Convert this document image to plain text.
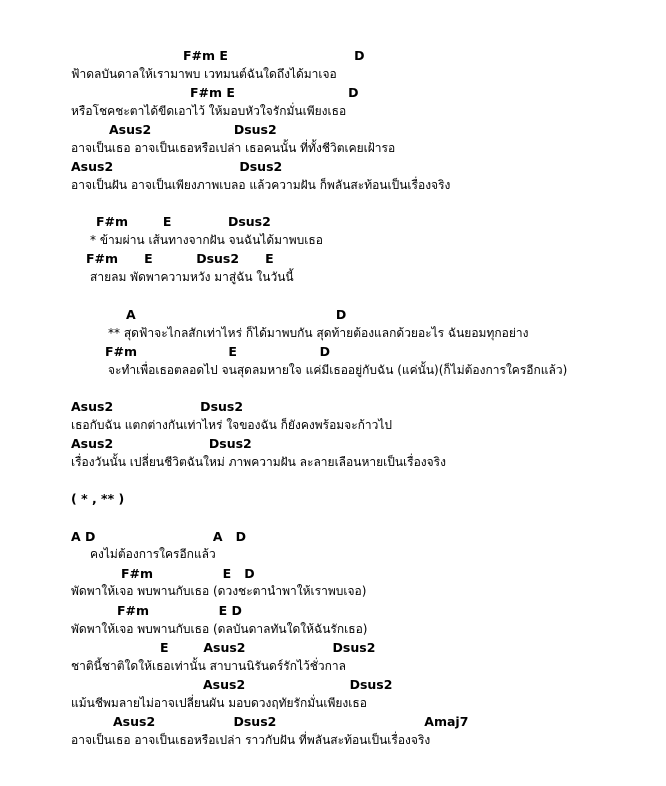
F#m E                             D
ฟ้าดลบันดาลให้เรามาพบ เวทมนต์ฉันใดถึงได้มาเจอ
F#m E                          D
หรือโชคชะตาได้ขีดเอาไว้ ให้มอบหัวใจรักมั่นเพียงเธอ
Asus2                   Dsus2
อาจเป็นเธอ อาจเป็นเธอหรือเปล่า เธอคนนั้น ที่ทั้งชีวิตเคยเฝ้ารอ
Asus2                             Dsus2
อาจเป็นฝัน อาจเป็นเพียงภาพเบลอ แล้วความฝัน ก็พลันสะท้อนเป็นเรื่องจริง
F#m        E             Dsus2
* ข้ามผ่าน เส้นทางจากฝัน จนฉันได้มาพบเธอ
F#m      E          Dsus2      E
สายลม พัดพาความหวัง มาสู่ฉัน ในวันนี้
A                                              D
** สุดฟ้าจะไกลสักเท่าไหร่ ก็ได้มาพบกัน สุดท้ายต้องแลกด้วยอะไร ฉันยอมทุกอย่าง
F#m                     E                   D
จะทำเพื่อเธอตลอดไป จนสุดลมหายใจ แค่มีเธออยู่กับฉัน (แค่นั้น)(ก็ไม่ต้องการใครอีกแล้ว)
Asus2                    Dsus2
เธอกับฉัน แตกต่างกันเท่าไหร่ ใจของฉัน ก็ยังคงพร้อมจะก้าวไป
Asus2                      Dsus2
เรื่องวันนั้น เปลี่ยนชีวิตฉันใหม่ ภาพความฝัน ละลายเลือนหายเป็นเรื่องจริง
( * , ** )
A D                           A   D
คงไม่ต้องการใครอีกแล้ว
F#m                E   D
พัดพาให้เจอ พบพานกับเธอ (ดวงชะตานำพาให้เราพบเจอ)
F#m                E D
พัดพาให้เจอ พบพานกับเธอ (ดลบันดาลทันใดให้ฉันรักเธอ)
E        Asus2                    Dsus2
ชาตินี้ชาติใดให้เธอเท่านั้น สาบานนิรันดร์รักไว้ชั่วกาล
Asus2                        Dsus2
แม้นชีพมลายไม่อาจเปลี่ยนผัน มอบดวงฤทัยรักมั่นเพียงเธอ
Asus2                  Dsus2                                  Amaj7
อาจเป็นเธอ อาจเป็นเธอหรือเปล่า ราวกับฝัน ที่พลันสะท้อนเป็นเรื่องจริง
